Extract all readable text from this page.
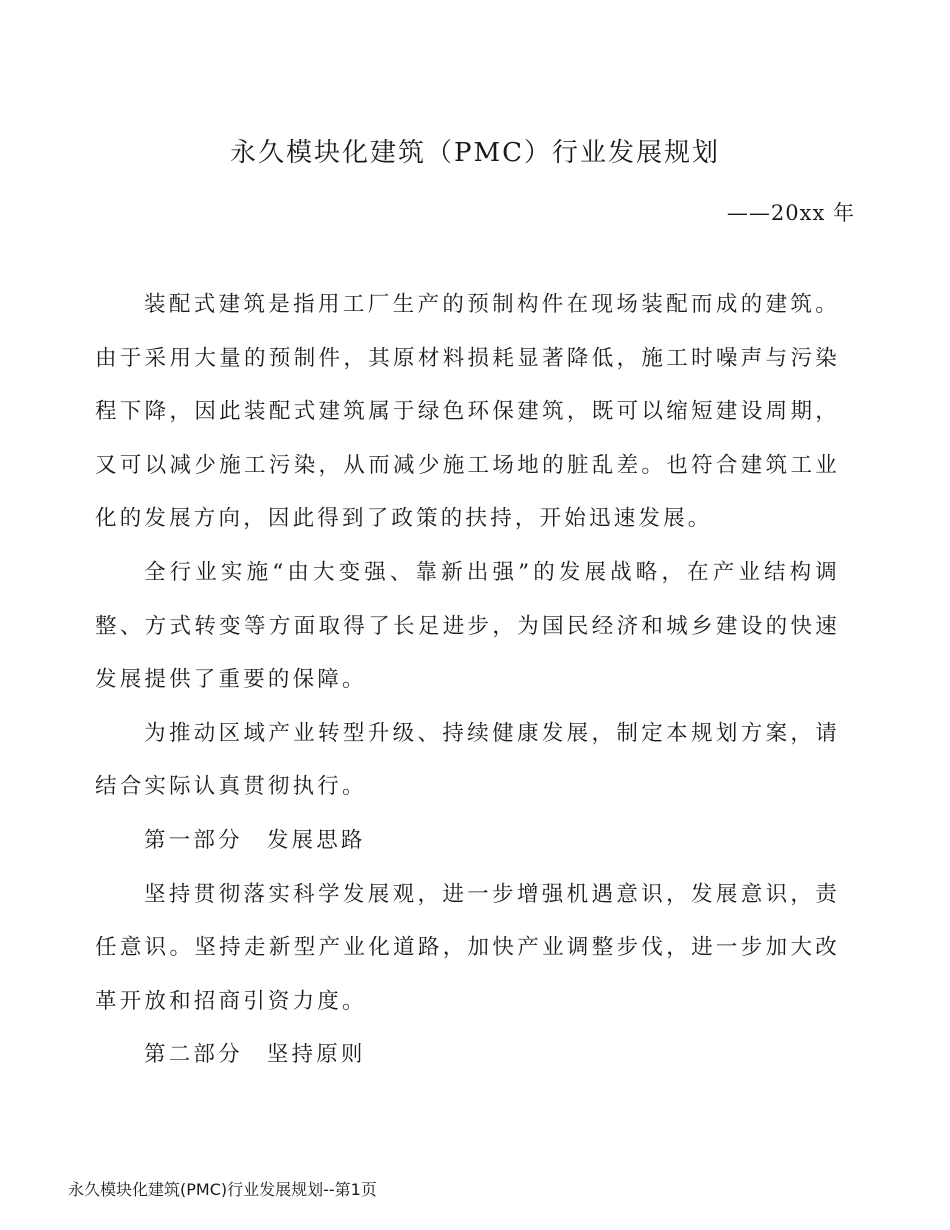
永久模块化建筑（PMC）行业发展规划
——20xx 年

装配式建筑是指用工厂生产的预制构件在现场装配而成的建筑。由于采用大量的预制件，其原材料损耗显著降低，施工时噪声与污染程下降，因此装配式建筑属于绿色环保建筑，既可以缩短建设周期，又可以减少施工污染，从而减少施工场地的脏乱差。也符合建筑工业化的发展方向，因此得到了政策的扶持，开始迅速发展。

全行业实施“由大变强、靠新出强”的发展战略，在产业结构调整、方式转变等方面取得了长足进步，为国民经济和城乡建设的快速发展提供了重要的保障。

为推动区域产业转型升级、持续健康发展，制定本规划方案，请结合实际认真贯彻执行。

第一部分 发展思路

坚持贯彻落实科学发展观，进一步增强机遇意识，发展意识，责任意识。坚持走新型产业化道路，加快产业调整步伐，进一步加大改革开放和招商引资力度。

第二部分 坚持原则

永久模块化建筑(PMC)行业发展规划--第1页
